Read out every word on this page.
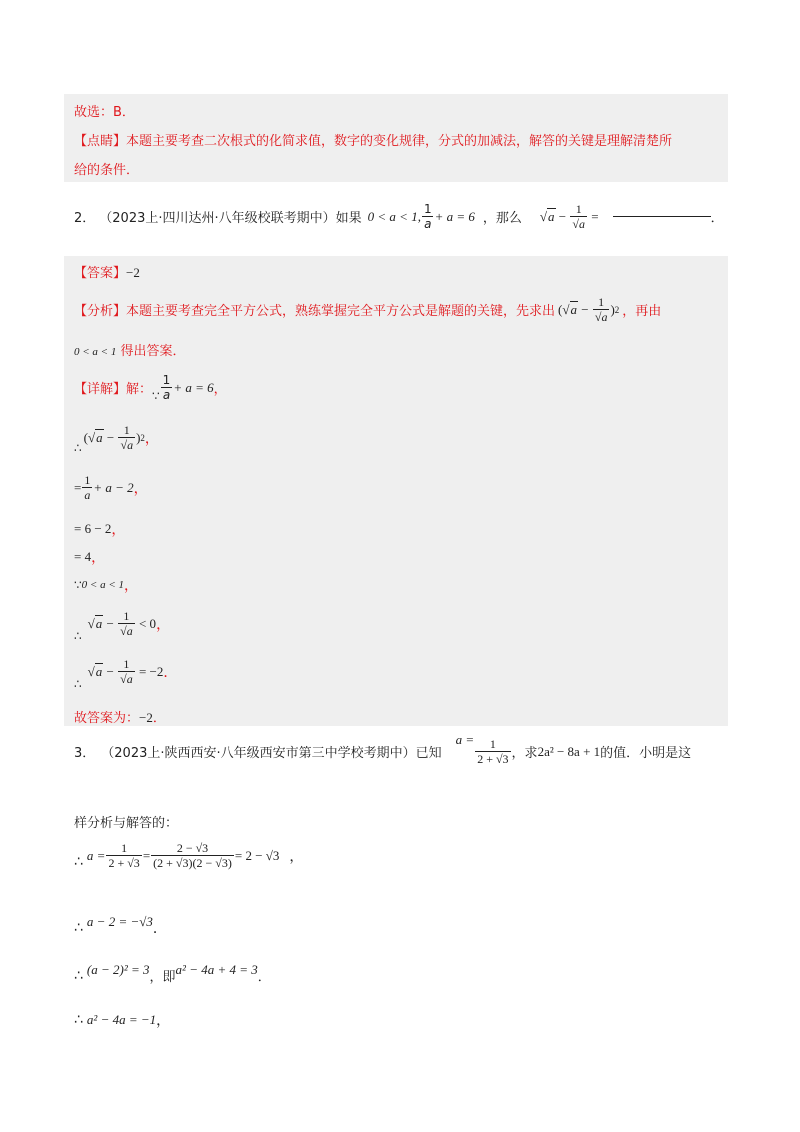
故选：B．
【点睛】本题主要考查二次根式的化简求值，数字的变化规律，分式的加减法，解答的关键是理解清楚所
给的条件．
2． （2023上·四川达州·八年级校联考期中） 如果 0 < a < 1, $\frac{1}{a} + a = 6$ ，那么 $√a - \frac{1}{√a}$
=	．
【答案】−2
【分析】 本题主要考查完全平方公式，熟练掌握完全平方公式是解题的关键，先求出 ( $√a - \frac{1}{√a}$ ) 2 ，再由
0 < a < 1 得出答案．
【详解】 解： ∵ $\frac{1}{a} + a = 6$ ，
∴
( $√a - \frac{1}{√a}$ ) 2 ，
= $\frac{1}{a} + a - 2$ ，
= 6 − 2 ，
= 4 ，
∵ 0 < a < 1 ，
∴
$√a - \frac{1}{√a}$
< 0 ，
∴
$√a - \frac{1}{√a}$
= −2 ．
故答案为：−2．
3． （2023上·陕西西安·八年级西安市第三中学校考期中） 已知
$a = \frac{1}{2 + √3}$ ，求 2a² − 8a + 1 的值．小明是这
样分析与解答的：
∴ $a = \frac{1}{2 + √3} = \frac{2 - √3}{(2 + √3)(2 - √3)} = 2 - √3$ ，
∴ a − 2 = −√3
．
∴ (a − 2)² = 3
，即
a² − 4a + 4 = 3
．
∴ a² − 4a = −1 ，
